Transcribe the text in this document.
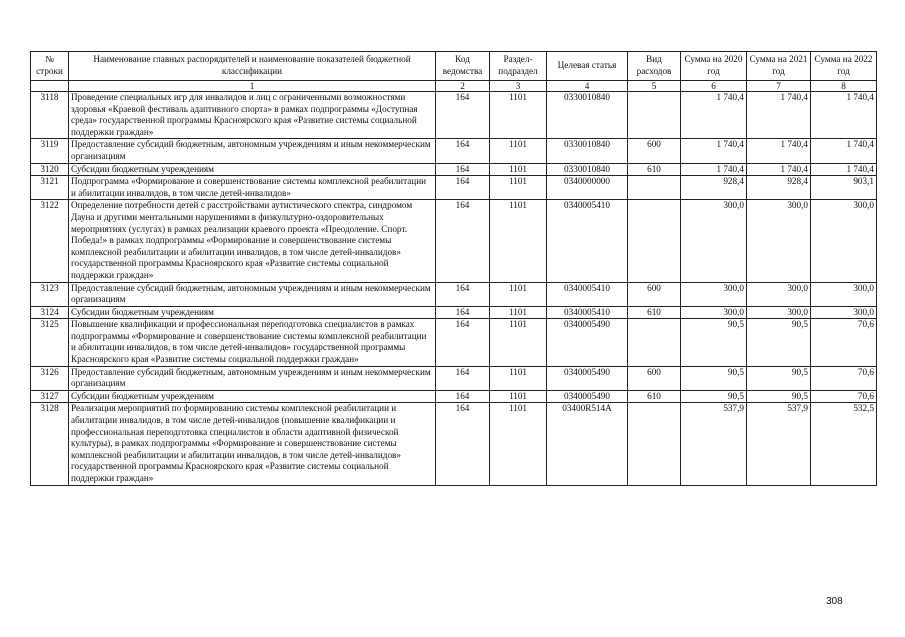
№ строки	Наименование главных распорядителей и наименование показателей бюджетной классификации	Код ведомства	Раздел-подраздел	Целевая статья	Вид расходов	Сумма на 2020 год	Сумма на 2021 год	Сумма на 2022 год
	1	2	3	4	5	6	7	8
3118	Проведение специальных игр для инвалидов и лиц с ограниченными возможностями здоровья «Краевой фестиваль адаптивного спорта» в рамках подпрограммы «Доступная среда» государственной программы Красноярского края «Развитие системы социальной поддержки граждан»	164	1101	0330010840		1 740,4	1 740,4	1 740,4
3119	Предоставление субсидий бюджетным, автономным учреждениям и иным некоммерческим организациям	164	1101	0330010840	600	1 740,4	1 740,4	1 740,4
3120	Субсидии бюджетным учреждениям	164	1101	0330010840	610	1 740,4	1 740,4	1 740,4
3121	Подпрограмма «Формирование и совершенствование системы комплексной реабилитации и абилитации инвалидов, в том числе детей-инвалидов»	164	1101	0340000000		928,4	928,4	903,1
3122	Определение потребности детей с расстройствами аутистического спектра, синдромом Дауна и другими ментальными нарушениями в физкультурно-оздоровительных мероприятиях (услугах) в рамках реализации краевого проекта «Преодоление. Спорт. Победа!» в рамках подпрограммы «Формирование и совершенствование системы комплексной реабилитации и абилитации инвалидов, в том числе детей-инвалидов» государственной программы Красноярского края «Развитие системы социальной поддержки граждан»	164	1101	0340005410		300,0	300,0	300,0
3123	Предоставление субсидий бюджетным, автономным учреждениям и иным некоммерческим организациям	164	1101	0340005410	600	300,0	300,0	300,0
3124	Субсидии бюджетным учреждениям	164	1101	0340005410	610	300,0	300,0	300,0
3125	Повышение квалификации и профессиональная переподготовка специалистов в рамках подпрограммы «Формирование и совершенствование системы комплексной реабилитации и абилитации инвалидов, в том числе детей-инвалидов» государственной программы Красноярского края «Развитие системы социальной поддержки граждан»	164	1101	0340005490		90,5	90,5	70,6
3126	Предоставление субсидий бюджетным, автономным учреждениям и иным некоммерческим организациям	164	1101	0340005490	600	90,5	90,5	70,6
3127	Субсидии бюджетным учреждениям	164	1101	0340005490	610	90,5	90,5	70,6
3128	Реализация мероприятий по формированию системы комплексной реабилитации и абилитации инвалидов, в том числе детей-инвалидов (повышение квалификации и профессиональная переподготовка специалистов в области адаптивной физической культуры), в рамках подпрограммы «Формирование и совершенствование системы комплексной реабилитации и абилитации инвалидов, в том числе детей-инвалидов» государственной программы Красноярского края «Развитие системы социальной поддержки граждан»	164	1101	03400R514A		537,9	537,9	532,5
308
